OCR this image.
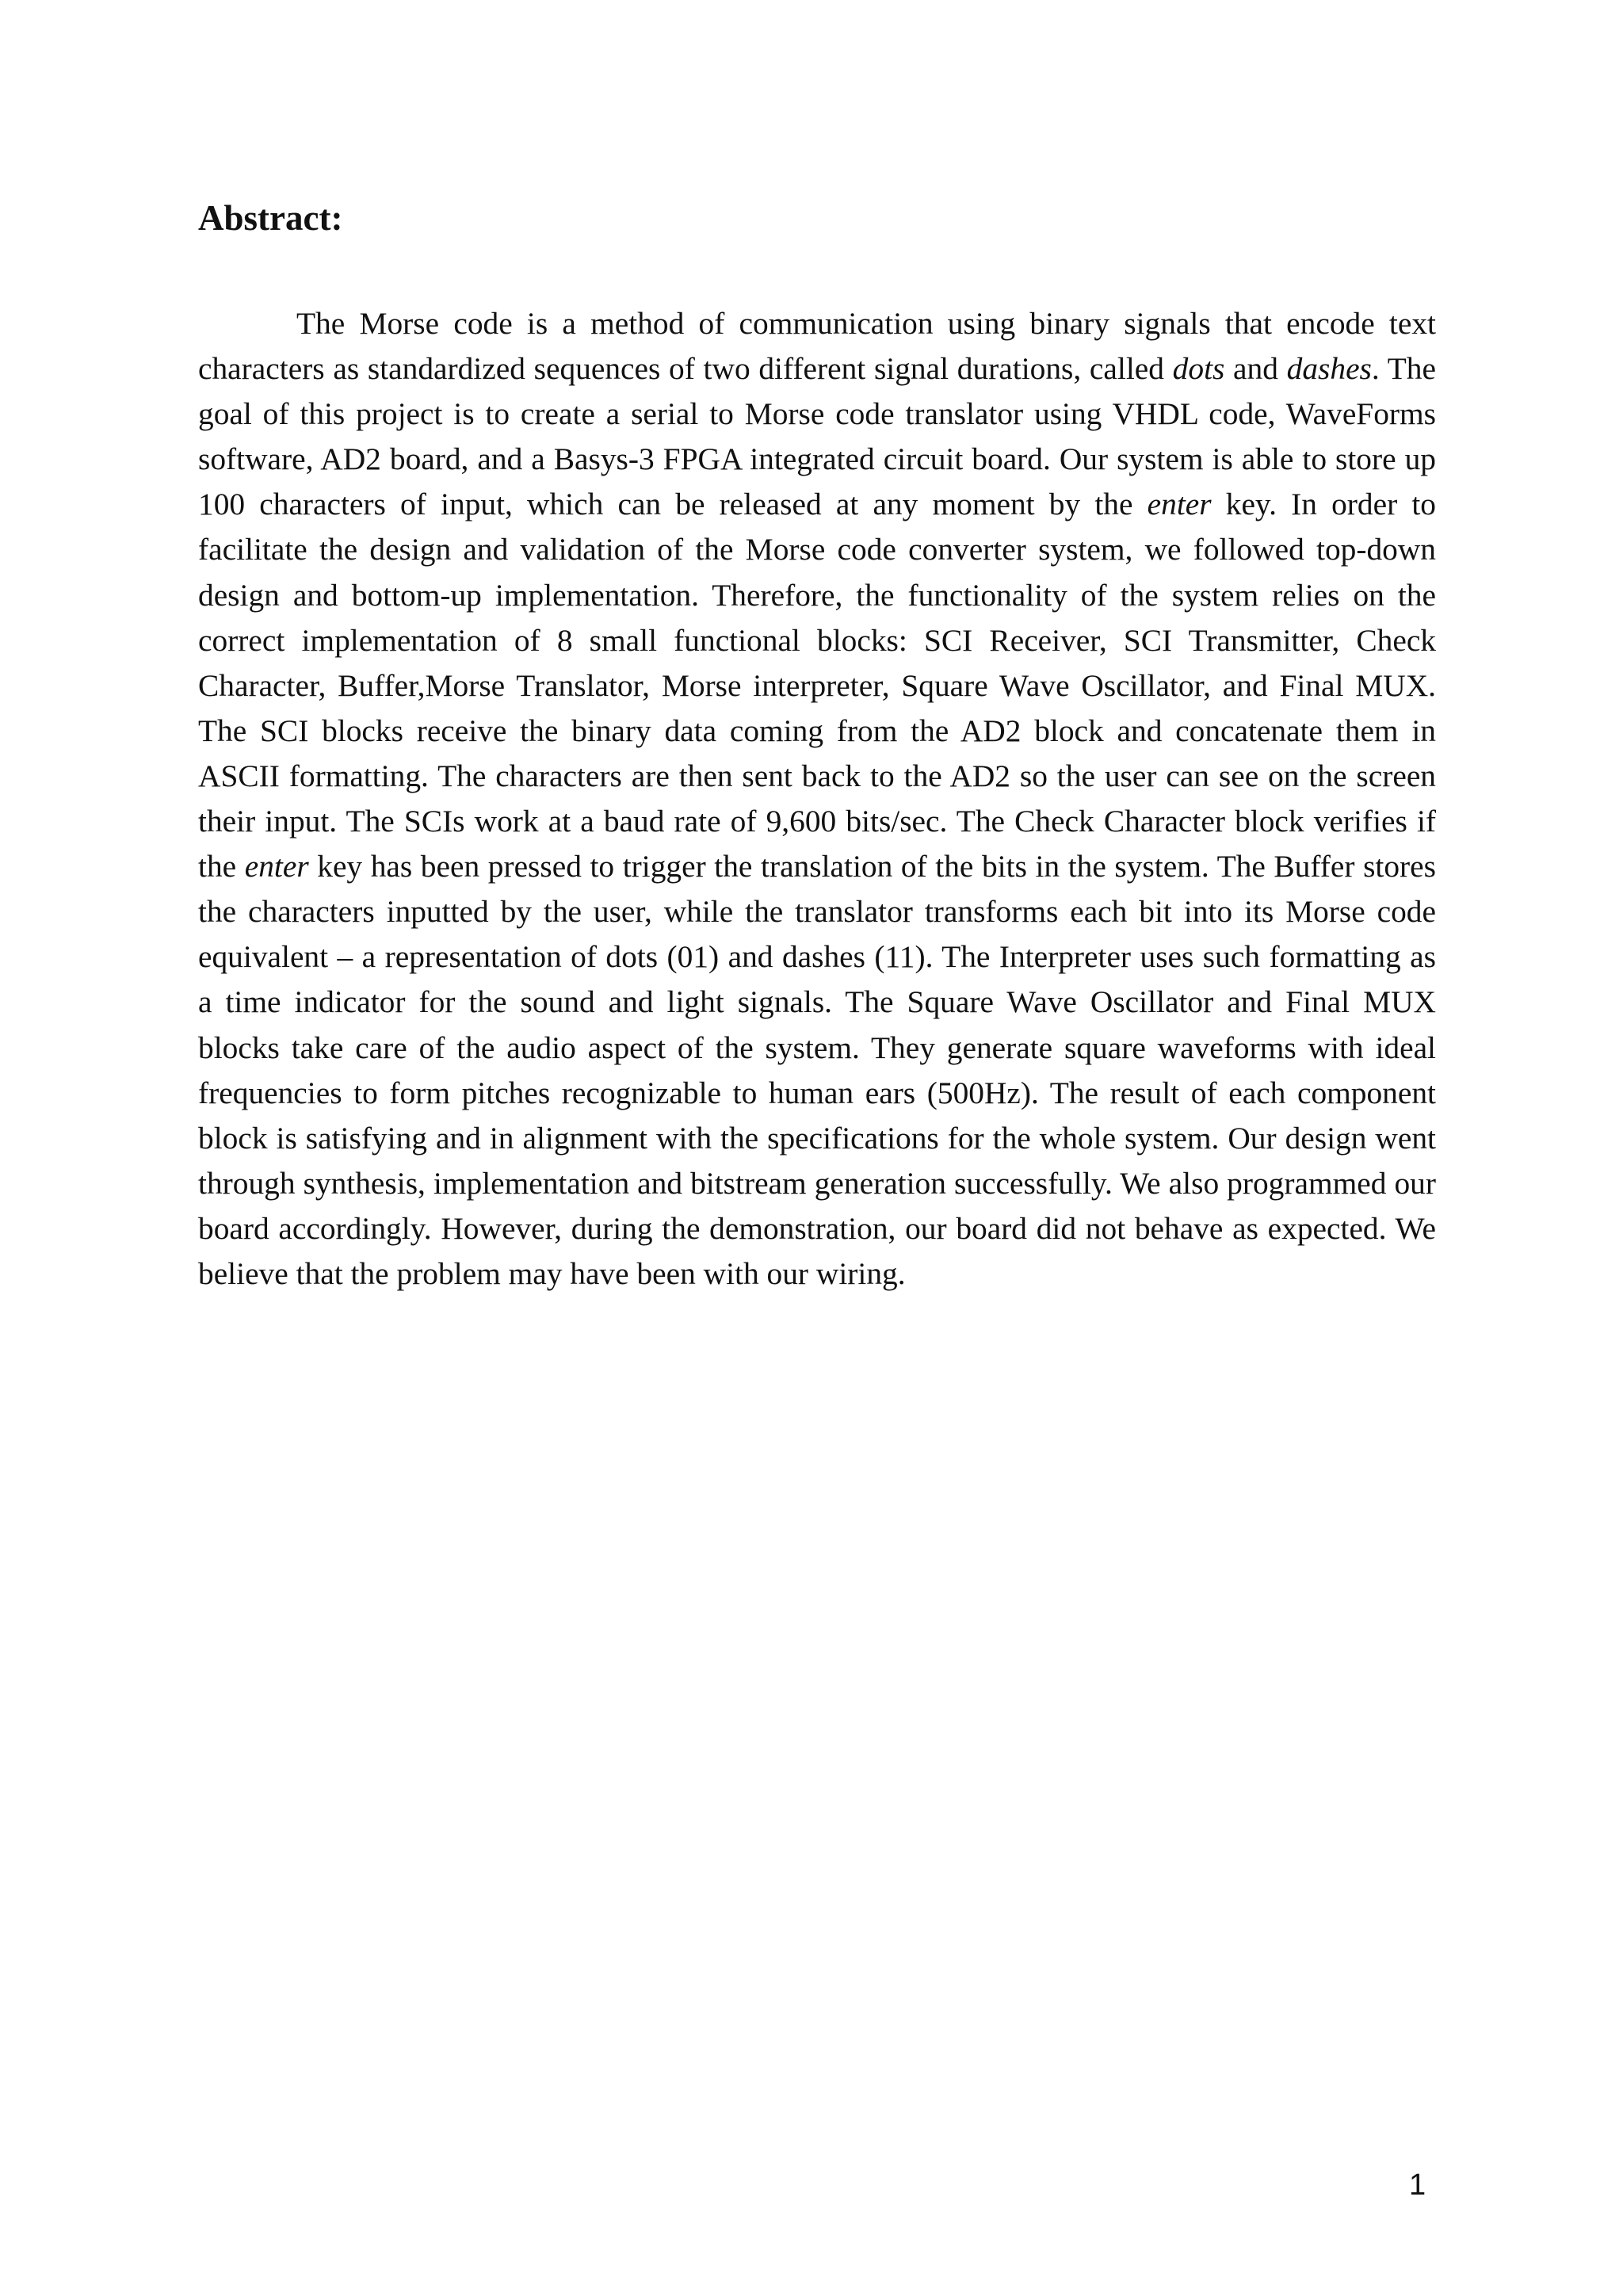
Abstract:

The Morse code is a method of communication using binary signals that encode text characters as standardized sequences of two different signal durations, called dots and dashes. The goal of this project is to create a serial to Morse code translator using VHDL code, WaveForms software, AD2 board, and a Basys-3 FPGA integrated circuit board. Our system is able to store up 100 characters of input, which can be released at any moment by the enter key. In order to facilitate the design and validation of the Morse code converter system, we followed top-down design and bottom-up implementation. Therefore, the functionality of the system relies on the correct implementation of 8 small functional blocks: SCI Receiver, SCI Transmitter, Check Character, Buffer,Morse Translator, Morse interpreter, Square Wave Oscillator, and Final MUX. The SCI blocks receive the binary data coming from the AD2 block and concatenate them in ASCII formatting. The characters are then sent back to the AD2 so the user can see on the screen their input. The SCIs work at a baud rate of 9,600 bits/sec. The Check Character block verifies if the enter key has been pressed to trigger the translation of the bits in the system. The Buffer stores the characters inputted by the user, while the translator transforms each bit into its Morse code equivalent – a representation of dots (01) and dashes (11). The Interpreter uses such formatting as a time indicator for the sound and light signals. The Square Wave Oscillator and Final MUX blocks take care of the audio aspect of the system. They generate square waveforms with ideal frequencies to form pitches recognizable to human ears (500Hz). The result of each component block is satisfying and in alignment with the specifications for the whole system. Our design went through synthesis, implementation and bitstream generation successfully. We also programmed our board accordingly. However, during the demonstration, our board did not behave as expected. We believe that the problem may have been with our wiring.

1
